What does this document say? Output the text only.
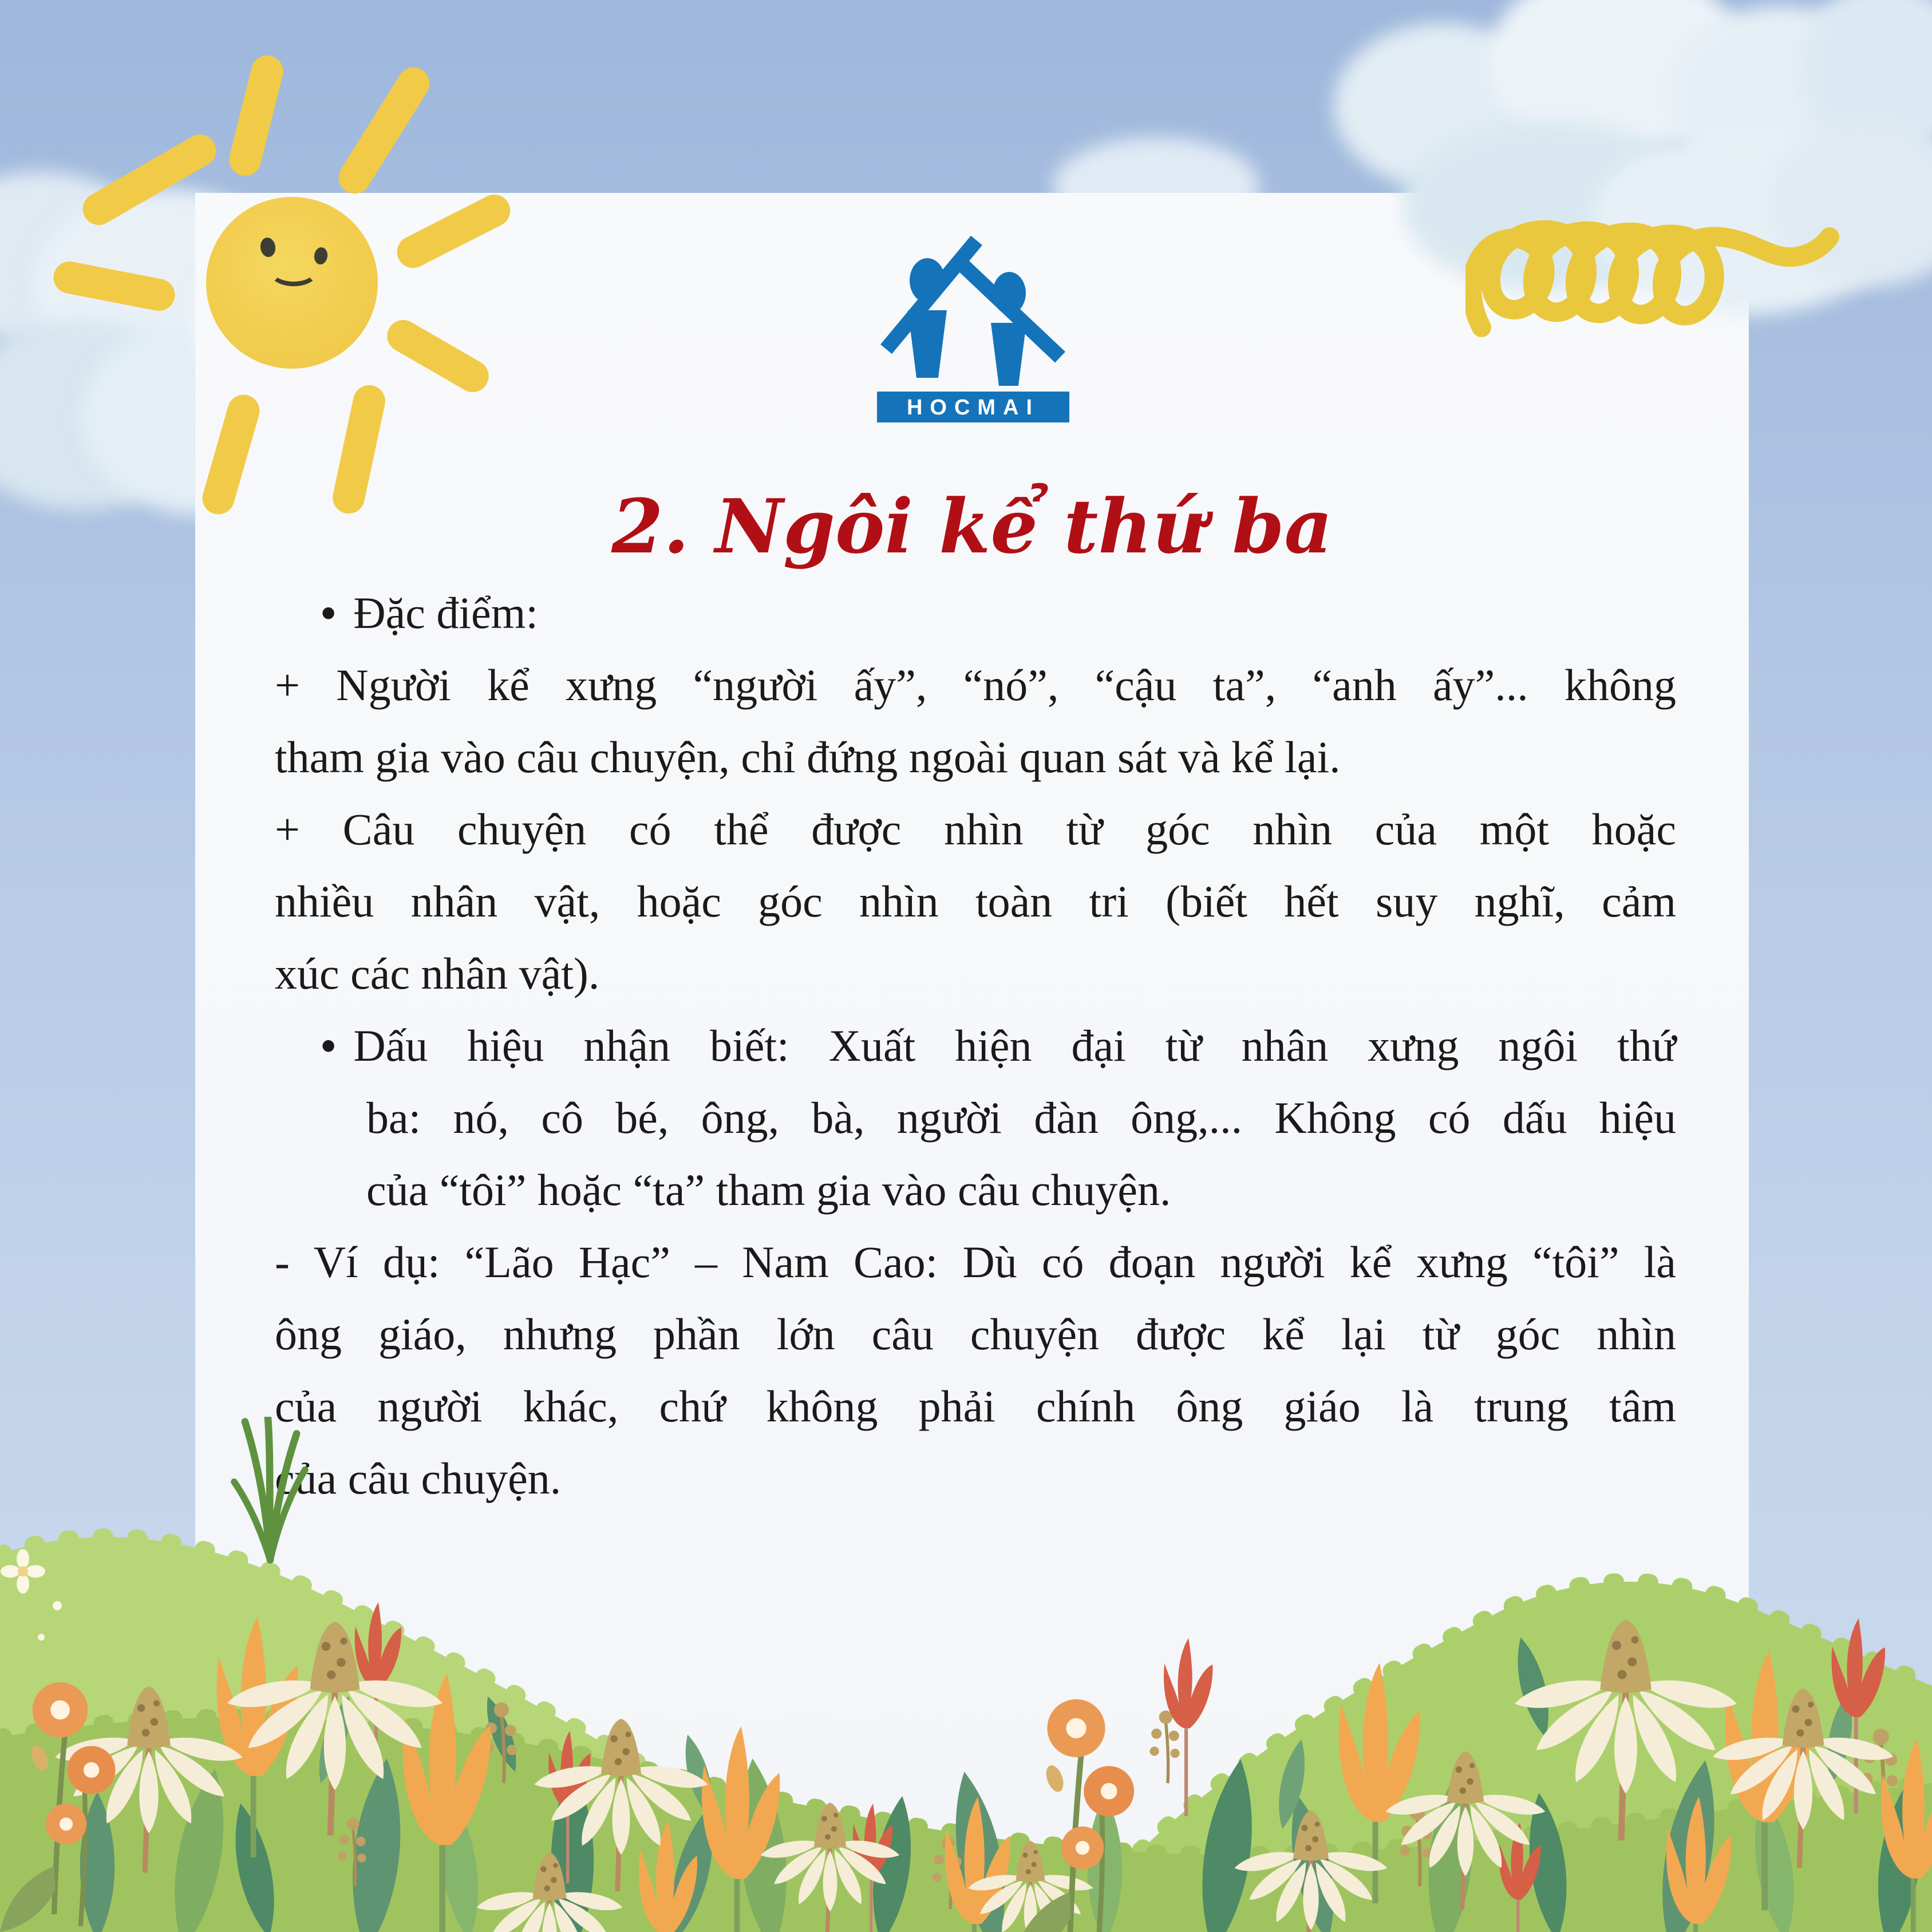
HOCMAI
2. Ngôi kể thứ ba
• Đặc điểm:
+ Người kể xưng “người ấy”, “nó”, “cậu ta”, “anh ấy”... không
tham gia vào câu chuyện, chỉ đứng ngoài quan sát và kể lại.
+ Câu chuyện có thể được nhìn từ góc nhìn của một hoặc
nhiều nhân vật, hoặc góc nhìn toàn tri (biết hết suy nghĩ, cảm
xúc các nhân vật).
• Dấu hiệu nhận biết: Xuất hiện đại từ nhân xưng ngôi thứ
ba: nó, cô bé, ông, bà, người đàn ông,... Không có dấu hiệu
của “tôi” hoặc “ta” tham gia vào câu chuyện.
- Ví dụ: “Lão Hạc” – Nam Cao: Dù có đoạn người kể xưng “tôi” là
ông giáo, nhưng phần lớn câu chuyện được kể lại từ góc nhìn
của người khác, chứ không phải chính ông giáo là trung tâm
của câu chuyện.
